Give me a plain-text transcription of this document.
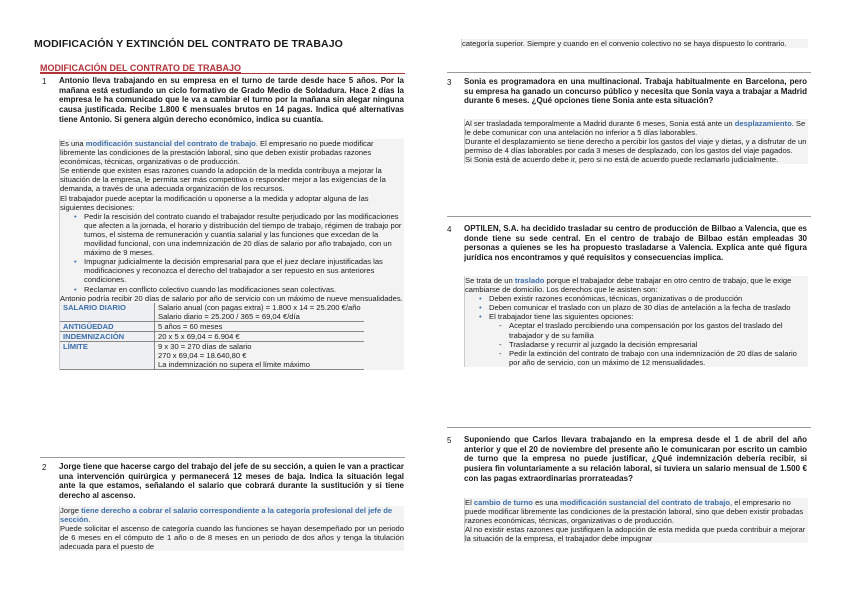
MODIFICACIÓN Y EXTINCIÓN DEL CONTRATO DE TRABAJO
MODIFICACIÓN DEL CONTRATO DE TRABAJO
1 Antonio lleva trabajando en su empresa en el turno de tarde desde hace 5 años. Por la mañana está estudiando un ciclo formativo de Grado Medio de Soldadura. Hace 2 días la empresa le ha comunicado que le va a cambiar el turno por la mañana sin alegar ninguna causa justificada. Recibe 1.800 € mensuales brutos en 14 pagas. Indica qué alternativas tiene Antonio. Si genera algún derecho económico, indica su cuantía.
Es una modificación sustancial del contrato de trabajo. El empresario no puede modificar libremente las condiciones de la prestación laboral, sino que deben existir probadas razones económicas, técnicas, organizativas o de producción.
Se entiende que existen esas razones cuando la adopción de la medida contribuya a mejorar la situación de la empresa, le permita ser más competitiva o responder mejor a las exigencias de la demanda, a través de una adecuada organización de los recursos.
El trabajador puede aceptar la modificación u oponerse a la medida y adoptar alguna de las siguientes decisiones:
• Pedir la rescisión del contrato cuando el trabajador resulte perjudicado por las modificaciones que afecten a la jornada, el horario y distribución del tiempo de trabajo, régimen de trabajo por turnos, el sistema de remuneración y cuantía salarial y las funciones que excedan de la movilidad funcional, con una indemnización de 20 días de salario por año trabajado, con un máximo de 9 meses.
• Impugnar judicialmente la decisión empresarial para que el juez declare injustificadas las modificaciones y reconozca el derecho del trabajador a ser repuesto en sus anteriores condiciones.
• Reclamar en conflicto colectivo cuando las modificaciones sean colectivas.
Antonio podría recibir 20 días de salario por año de servicio con un máximo de nueve mensualidades.
SALARIO DIARIO	Salario anual (con pagas extra) = 1.800 x 14 = 25.200 €/año
Salario diario = 25.200 / 365 = 69,04 €/día

ANTIGÜEDAD	5 años = 60 meses
INDEMNIZACIÓN	20 x 5 x 69,04 = 6.904 €
LÍMITE	9 x 30 = 270 días de salario
270 x 69,04 = 18.640,80 €
La indemnización no supera el límite máximo
2 Jorge tiene que hacerse cargo del trabajo del jefe de su sección, a quien le van a practicar una intervención quirúrgica y permanecerá 12 meses de baja. Indica la situación legal ante la que estamos, señalando el salario que cobrará durante la sustitución y si tiene derecho al ascenso.
Jorge tiene derecho a cobrar el salario correspondiente a la categoría profesional del jefe de sección.
Puede solicitar el ascenso de categoría cuando las funciones se hayan desempeñado por un periodo de 6 meses en el cómputo de 1 año o de 8 meses en un periodo de dos años y tenga la titulación adecuada para el puesto de
categoría superior. Siempre y cuando en el convenio colectivo no se haya dispuesto lo contrario.
3 Sonia es programadora en una multinacional. Trabaja habitualmente en Barcelona, pero su empresa ha ganado un concurso público y necesita que Sonia vaya a trabajar a Madrid durante 6 meses. ¿Qué opciones tiene Sonia ante esta situación?
Al ser trasladada temporalmente a Madrid durante 6 meses, Sonia está ante un desplazamiento. Se le debe comunicar con una antelación no inferior a 5 días laborables.
Durante el desplazamiento se tiene derecho a percibir los gastos del viaje y dietas, y a disfrutar de un permiso de 4 días laborables por cada 3 meses de desplazado, con los gastos del viaje pagados.
Si Sonia está de acuerdo debe ir, pero si no está de acuerdo puede reclamarlo judicialmente.
4 OPTILEN, S.A. ha decidido trasladar su centro de producción de Bilbao a Valencia, que es donde tiene su sede central. En el centro de trabajo de Bilbao están empleadas 30 personas a quienes se les ha propuesto trasladarse a Valencia. Explica ante qué figura jurídica nos encontramos y qué requisitos y consecuencias implica.
Se trata de un traslado porque el trabajador debe trabajar en otro centro de trabajo, que le exige cambiarse de domicilio. Los derechos que le asisten son:
• Deben existir razones económicas, técnicas, organizativas o de producción
• Deben comunicar el traslado con un plazo de 30 días de antelación a la fecha de traslado
• El trabajador tiene las siguientes opciones:
- Aceptar el traslado percibiendo una compensación por los gastos del traslado del trabajador y de su familia
- Trasladarse y recurrir al juzgado la decisión empresarial
- Pedir la extinción del contrato de trabajo con una indemnización de 20 días de salario por año de servicio, con un máximo de 12 mensualidades.
5 Suponiendo que Carlos llevara trabajando en la empresa desde el 1 de abril del año anterior y que el 20 de noviembre del presente año le comunicaran por escrito un cambio de turno que la empresa no puede justificar, ¿Qué indemnización debería recibir, si pusiera fin voluntariamente a su relación laboral, si tuviera un salario mensual de 1.500 € con las pagas extraordinarias prorrateadas?
El cambio de turno es una modificación sustancial del contrato de trabajo, el empresario no puede modificar libremente las condiciones de la prestación laboral, sino que deben existir probadas razones económicas, técnicas, organizativas o de producción.
Al no existir estas razones que justifiquen la adopción de esta medida que pueda contribuir a mejorar la situación de la empresa, el trabajador debe impugnar
